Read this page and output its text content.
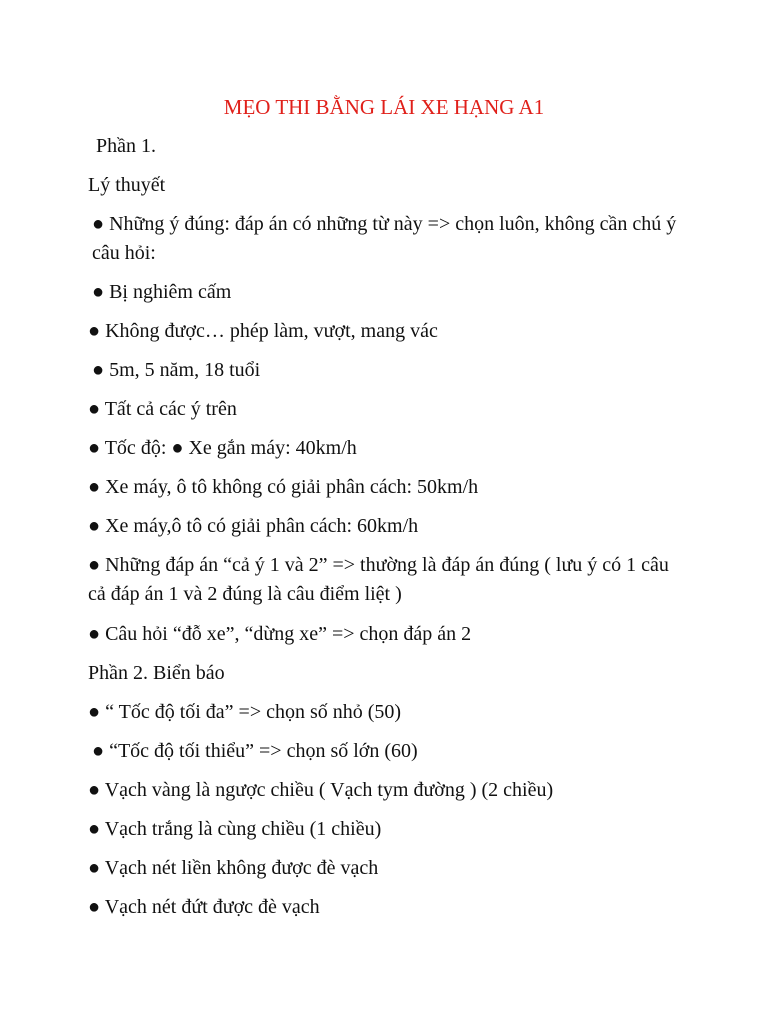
MẸO THI BẰNG LÁI XE HẠNG A1

Phần 1.

Lý thuyết

● Những ý đúng: đáp án có những từ này => chọn luôn, không cần chú ý câu hỏi:

● Bị nghiêm cấm

● Không được… phép làm, vượt, mang vác

● 5m, 5 năm, 18 tuổi

● Tất cả các ý trên

● Tốc độ: ● Xe gắn máy: 40km/h

● Xe máy, ô tô không có giải phân cách: 50km/h

● Xe máy,ô tô có giải phân cách: 60km/h

● Những đáp án “cả ý 1 và 2” => thường là đáp án đúng ( lưu ý có 1 câu cả đáp án 1 và 2 đúng là câu điểm liệt )

● Câu hỏi “đỗ xe”, “dừng xe” => chọn đáp án 2

Phần 2. Biển báo

● “ Tốc độ tối đa” => chọn số nhỏ (50)

● “Tốc độ tối thiểu” => chọn số lớn (60)

● Vạch vàng là ngược chiều ( Vạch tym đường ) (2 chiều)

● Vạch trắng là cùng chiều (1 chiều)

● Vạch nét liền không được đè vạch

● Vạch nét đứt được đè vạch
